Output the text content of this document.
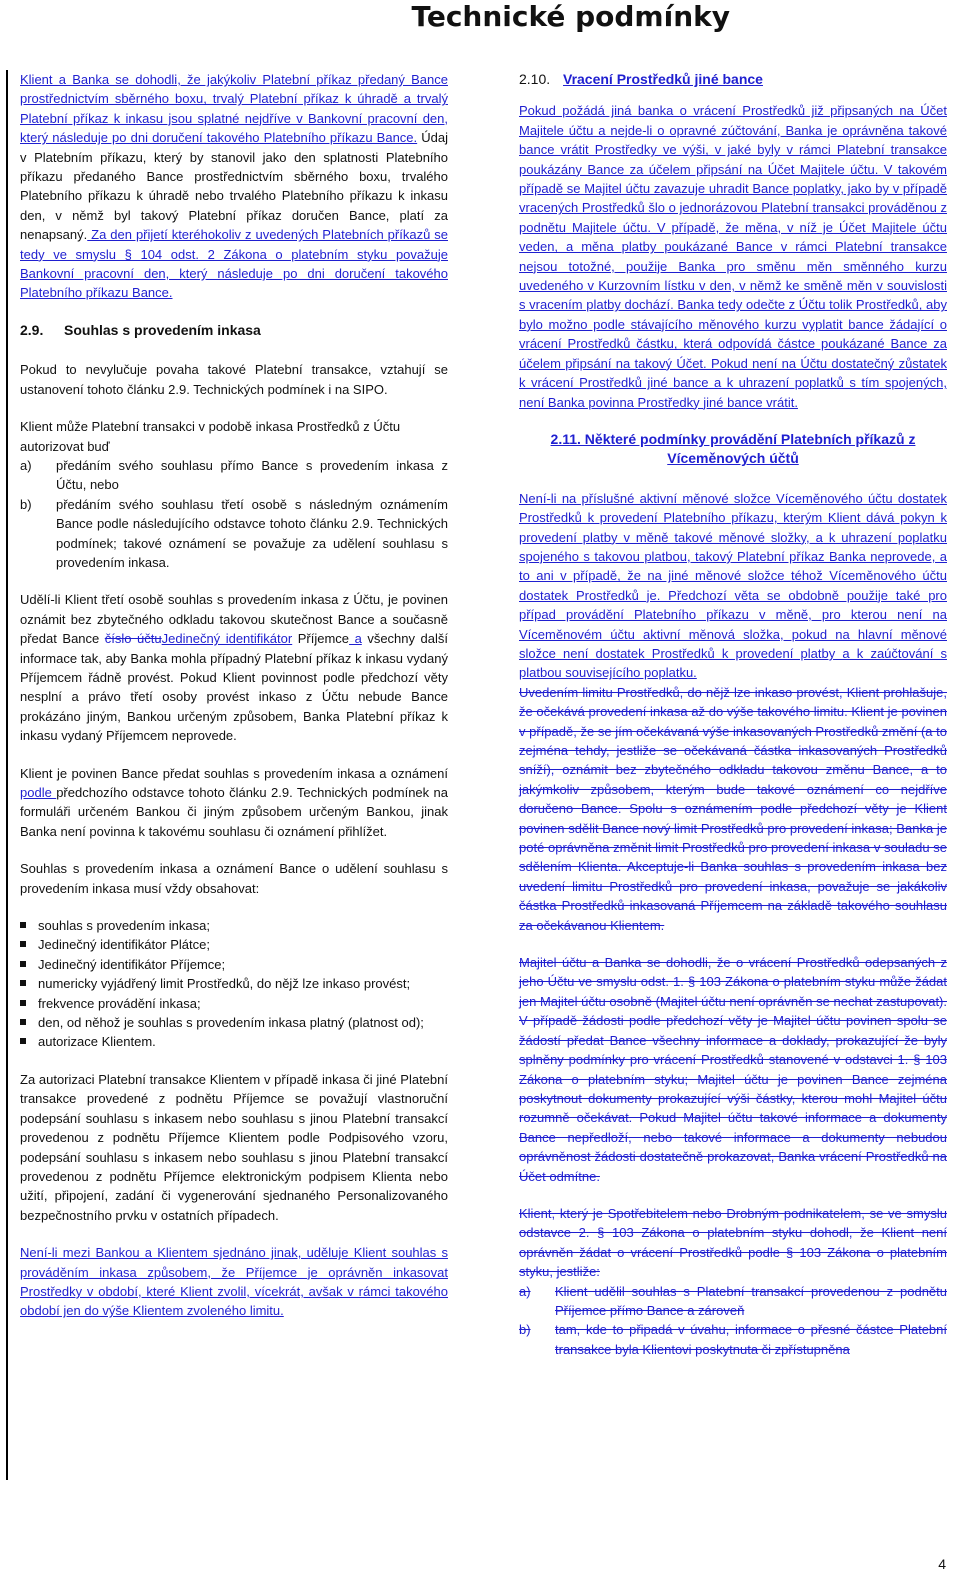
Technické podmínky

Klient a Banka se dohodli, že jakýkoliv Platební příkaz předaný Bance prostřednictvím sběrného boxu, trvalý Platební příkaz k úhradě a trvalý Platební příkaz k inkasu jsou splatné nejdříve v Bankovní pracovní den, který následuje po dni doručení takového Platebního příkazu Bance. Údaj v Platebním příkazu, který by stanovil jako den splatnosti Platebního příkazu předaného Bance prostřednictvím sběrného boxu, trvalého Platebního příkazu k úhradě nebo trvalého Platebního příkazu k inkasu den, v němž byl takový Platební příkaz doručen Bance, platí za nenapsaný. Za den přijetí kteréhokoliv z uvedených Platebních příkazů se tedy ve smyslu § 104 odst. 2 Zákona o platebním styku považuje Bankovní pracovní den, který následuje po dni doručení takového Platebního příkazu Bance.

2.9. Souhlas s provedením inkasa

Pokud to nevylučuje povaha takové Platební transakce, vztahují se ustanovení tohoto článku 2.9. Technických podmínek i na SIPO.

Klient může Platební transakci v podobě inkasa Prostředků z Účtu autorizovat buď

a)	předáním svého souhlasu přímo Bance s provedením inkasa z Účtu, nebo
b)	předáním svého souhlasu třetí osobě s následným oznámením Bance podle následujícího odstavce tohoto článku 2.9. Technických podmínek; takové oznámení se považuje za udělení souhlasu s provedením inkasa.

Udělí-li Klient třetí osobě souhlas s provedením inkasa z Účtu, je povinen oznámit bez zbytečného odkladu takovou skutečnost Bance a současně předat Bance číslo účtuJedinečný identifikátor Příjemce a všechny další informace tak, aby Banka mohla případný Platební příkaz k inkasu vydaný Příjemcem řádně provést. Pokud Klient povinnost podle předchozí věty nesplní a právo třetí osoby provést inkaso z Účtu nebude Bance prokázáno jiným, Bankou určeným způsobem, Banka Platební příkaz k inkasu vydaný Příjemcem neprovede.

Klient je povinen Bance předat souhlas s provedením inkasa a oznámení podle předchozího odstavce tohoto článku 2.9. Technických podmínek na formuláři určeném Bankou či jiným způsobem určeným Bankou, jinak Banka není povinna k takovému souhlasu či oznámení přihlížet.

Souhlas s provedením inkasa a oznámení Bance o udělení souhlasu s provedením inkasa musí vždy obsahovat:

souhlas s provedením inkasa;
Jedinečný identifikátor Plátce;
Jedinečný identifikátor Příjemce;
numericky vyjádřený limit Prostředků, do nějž lze inkaso provést;
frekvence provádění inkasa;
den, od něhož je souhlas s provedením inkasa platný (platnost od);
autorizace Klientem.

Za autorizaci Platební transakce Klientem v případě inkasa či jiné Platební transakce provedené z podnětu Příjemce se považují vlastnoruční podepsání souhlasu s inkasem nebo souhlasu s jinou Platební transakcí provedenou z podnětu Příjemce Klientem podle Podpisového vzoru, podepsání souhlasu s inkasem nebo souhlasu s jinou Platební transakcí provedenou z podnětu Příjemce elektronickým podpisem Klienta nebo užití, připojení, zadání či vygenerování sjednaného Personalizovaného bezpečnostního prvku v ostatních případech.

Není-li mezi Bankou a Klientem sjednáno jinak, uděluje Klient souhlas s prováděním inkasa způsobem, že Příjemce je oprávněn inkasovat Prostředky v období, které Klient zvolil, vícekrát, avšak v rámci takového období jen do výše Klientem zvoleného limitu.

2.10. Vracení Prostředků jiné bance

Pokud požádá jiná banka o vrácení Prostředků již připsaných na Účet Majitele účtu a nejde-li o opravné zúčtování, Banka je oprávněna takové bance vrátit Prostředky ve výši, v jaké byly v rámci Platební transakce poukázány Bance za účelem připsání na Účet Majitele účtu. V takovém případě se Majitel účtu zavazuje uhradit Bance poplatky, jako by v případě vracených Prostředků šlo o jednorázovou Platební transakci prováděnou z podnětu Majitele účtu. V případě, že měna, v níž je Účet Majitele účtu veden, a měna platby poukázané Bance v rámci Platební transakce nejsou totožné, použije Banka pro směnu měn směnného kurzu uvedeného v Kurzovním lístku v den, v němž ke směně měn v souvislosti s vracením platby dochází. Banka tedy odečte z Účtu tolik Prostředků, aby bylo možno podle stávajícího měnového kurzu vyplatit bance žádající o vrácení Prostředků částku, která odpovídá částce poukázané Bance za účelem připsání na takový Účet. Pokud není na Účtu dostatečný zůstatek k vrácení Prostředků jiné bance a k uhrazení poplatků s tím spojených, není Banka povinna Prostředky jiné bance vrátit.

2.11. Některé podmínky provádění Platebních příkazů z Víceměnových účtů

Není-li na příslušné aktivní měnové složce Víceměnového účtu dostatek Prostředků k provedení Platebního příkazu, kterým Klient dává pokyn k provedení platby v měně takové měnové složky, a k uhrazení poplatku spojeného s takovou platbou, takový Platební příkaz Banka neprovede, a to ani v případě, že na jiné měnové složce téhož Víceměnového účtu dostatek Prostředků je. Předchozí věta se obdobně použije také pro případ provádění Platebního příkazu v měně, pro kterou není na Víceměnovém účtu aktivní měnová složka, pokud na hlavní měnové složce není dostatek Prostředků k provedení platby a k zaúčtování s platbou souvisejícího poplatku.

Uvedením limitu Prostředků, do nějž lze inkaso provést, Klient prohlašuje, že očekává provedení inkasa až do výše takového limitu. Klient je povinen v případě, že se jím očekávaná výše inkasovaných Prostředků změní (a to zejména tehdy, jestliže se očekávaná částka inkasovaných Prostředků sníží), oznámit bez zbytečného odkladu takovou změnu Bance, a to jakýmkoliv způsobem, kterým bude takové oznámení co nejdříve doručeno Bance. Spolu s oznámením podle předchozí věty je Klient povinen sdělit Bance nový limit Prostředků pro provedení inkasa; Banka je poté oprávněna změnit limit Prostředků pro provedení inkasa v souladu se sdělením Klienta. Akceptuje-li Banka souhlas s provedením inkasa bez uvedení limitu Prostředků pro provedení inkasa, považuje se jakákoliv částka Prostředků inkasovaná Příjemcem na základě takového souhlasu za očekávanou Klientem.

Majitel účtu a Banka se dohodli, že o vrácení Prostředků odepsaných z jeho Účtu ve smyslu odst. 1. § 103 Zákona o platebním styku může žádat jen Majitel účtu osobně (Majitel účtu není oprávněn se nechat zastupovat). V případě žádosti podle předchozí věty je Majitel účtu povinen spolu se žádostí předat Bance všechny informace a doklady, prokazující že byly splněny podmínky pro vrácení Prostředků stanovené v odstavci 1. § 103 Zákona o platebním styku; Majitel účtu je povinen Bance zejména poskytnout dokumenty prokazující výši částky, kterou mohl Majitel účtu rozumně očekávat. Pokud Majitel účtu takové informace a dokumenty Bance nepředloží, nebo takové informace a dokumenty nebudou oprávněnost žádosti dostatečně prokazovat, Banka vrácení Prostředků na Účet odmítne.

Klient, který je Spotřebitelem nebo Drobným podnikatelem, se ve smyslu odstavce 2. § 103 Zákona o platebním styku dohodl, že Klient není oprávněn žádat o vrácení Prostředků podle § 103 Zákona o platebním styku, jestliže:

a)	Klient udělil souhlas s Platební transakcí provedenou z podnětu Příjemce přímo Bance a zároveň
b)	tam, kde to připadá v úvahu, informace o přesné částce Platební transakce byla Klientovi poskytnuta či zpřístupněna
4
